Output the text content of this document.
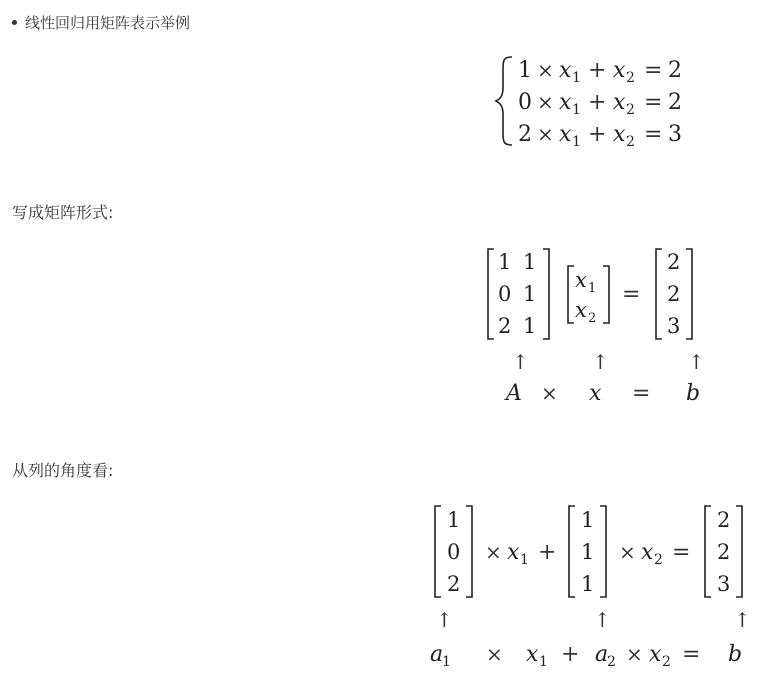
线性回归用矩阵表示举例
写成矩阵形式:
从列的角度看:
1 × x 1 + x 2 = 2
0 × x 1 + x 2 = 2
2 × x 1 + x 2 = 3
1 1
0 1
2 1
x 1
x 2
=
2
2
3
↑	↑	↑
A × x = b
1
0
2
× x 1 +
1
1
1
× x 2 =
2
2
3
↑	↑	↑
a
1 × x 1 + a
2 × x 2 = b
